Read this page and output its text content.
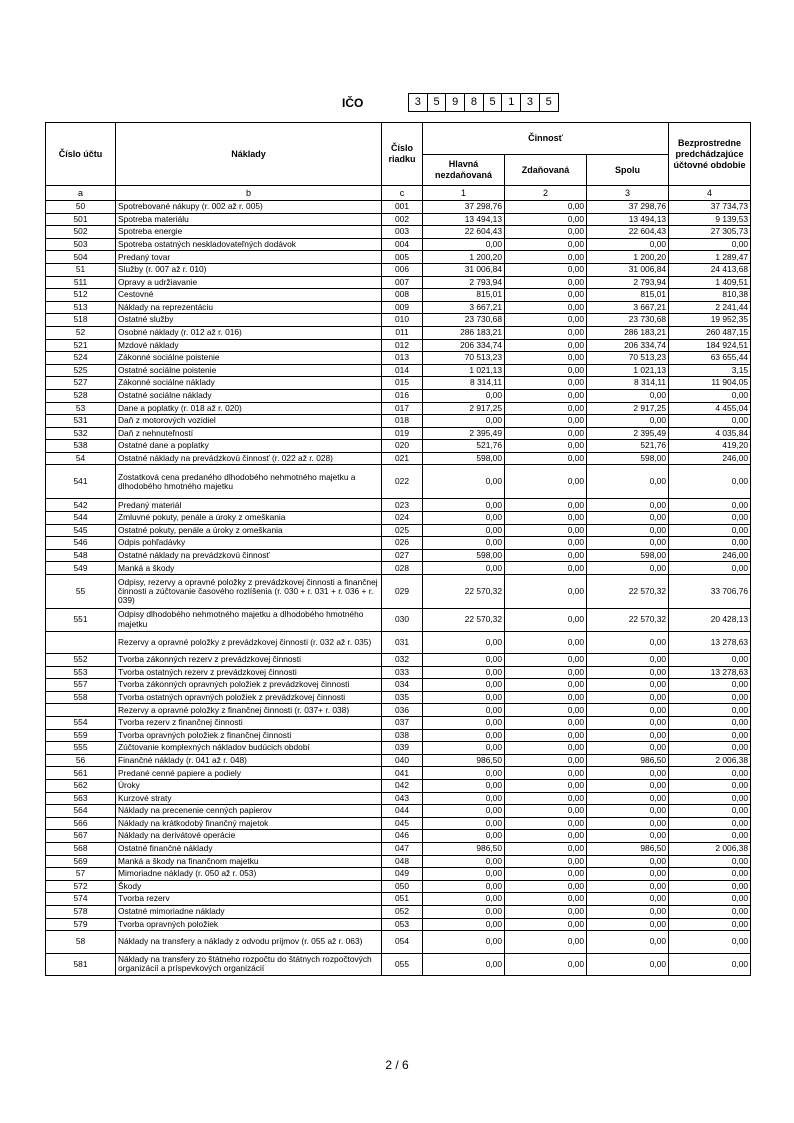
IČO	3	5	9	8	5	1	3	5
Číslo účtu	Náklady	Číslo riadku	Činnosť			Bezprostredne predchádzajúce účtovné obdobie
			Hlavná nezdaňovaná	Zdaňovaná	Spolu	
a	b	c	1	2	3	4
50	Spotrebované nákupy (r. 002 až r. 005)	001	37 298,76	0,00	37 298,76	37 734,73
501	Spotreba materiálu	002	13 494,13	0,00	13 494,13	9 139,53
502	Spotreba energie	003	22 604,43	0,00	22 604,43	27 305,73
503	Spotreba ostatných neskladovateľných dodávok	004	0,00	0,00	0,00	0,00
504	Predaný tovar	005	1 200,20	0,00	1 200,20	1 289,47
51	Služby (r. 007 až r. 010)	006	31 006,84	0,00	31 006,84	24 413,68
511	Opravy a udržiavanie	007	2 793,94	0,00	2 793,94	1 409,51
512	Cestovné	008	815,01	0,00	815,01	810,38
513	Náklady na reprezentáciu	009	3 667,21	0,00	3 667,21	2 241,44
518	Ostatné služby	010	23 730,68	0,00	23 730,68	19 952,35
52	Osobné náklady (r. 012 až r. 016)	011	286 183,21	0,00	286 183,21	260 487,15
521	Mzdové náklady	012	206 334,74	0,00	206 334,74	184 924,51
524	Zákonné sociálne poistenie	013	70 513,23	0,00	70 513,23	63 655,44
525	Ostatné sociálne poistenie	014	1 021,13	0,00	1 021,13	3,15
527	Zákonné sociálne náklady	015	8 314,11	0,00	8 314,11	11 904,05
528	Ostatné sociálne náklady	016	0,00	0,00	0,00	0,00
53	Dane a poplatky (r. 018 až r. 020)	017	2 917,25	0,00	2 917,25	4 455,04
531	Daň z motorových vozidiel	018	0,00	0,00	0,00	0,00
532	Daň z nehnuteľností	019	2 395,49	0,00	2 395,49	4 035,84
538	Ostatné dane a poplatky	020	521,76	0,00	521,76	419,20
54	Ostatné náklady na prevádzkovú činnosť (r. 022 až r. 028)	021	598,00	0,00	598,00	246,00
541	Zostatková cena predaného dlhodobého nehmotného majetku a dlhodobého hmotného majetku	022	0,00	0,00	0,00	0,00
542	Predaný materiál	023	0,00	0,00	0,00	0,00
544	Zmluvné pokuty, penále a úroky z omeškania	024	0,00	0,00	0,00	0,00
545	Ostatné pokuty, penále a úroky z omeškania	025	0,00	0,00	0,00	0,00
546	Odpis pohľadávky	026	0,00	0,00	0,00	0,00
548	Ostatné náklady na prevádzkovú činnosť	027	598,00	0,00	598,00	246,00
549	Manká a škody	028	0,00	0,00	0,00	0,00
55	Odpisy, rezervy a opravné položky z prevádzkovej činnosti a finančnej činnosti a zúčtovanie časového rozlíšenia (r. 030 + r. 031 + r. 036 + r. 039)	029	22 570,32	0,00	22 570,32	33 706,76
551	Odpisy dlhodobého nehmotného majetku a dlhodobého hmotného majetku	030	22 570,32	0,00	22 570,32	20 428,13
	Rezervy a opravné položky z prevádzkovej činnosti (r. 032 až r. 035)	031	0,00	0,00	0,00	13 278,63
552	Tvorba zákonných rezerv z prevádzkovej činnosti	032	0,00	0,00	0,00	0,00
553	Tvorba ostatných rezerv z prevádzkovej činnosti	033	0,00	0,00	0,00	13 278,63
557	Tvorba zákonných opravných položiek z prevádzkovej činnosti	034	0,00	0,00	0,00	0,00
558	Tvorba ostatných opravných položiek z prevádzkovej činnosti	035	0,00	0,00	0,00	0,00
	Rezervy a opravné položky z finančnej činnosti (r. 037+ r. 038)	036	0,00	0,00	0,00	0,00
554	Tvorba rezerv z finančnej činnosti	037	0,00	0,00	0,00	0,00
559	Tvorba opravných položiek z finančnej činnosti	038	0,00	0,00	0,00	0,00
555	Zúčtovanie komplexných nákladov budúcich období	039	0,00	0,00	0,00	0,00
56	Finančné náklady (r. 041 až r. 048)	040	986,50	0,00	986,50	2 006,38
561	Predané cenné papiere a podiely	041	0,00	0,00	0,00	0,00
562	Úroky	042	0,00	0,00	0,00	0,00
563	Kurzové straty	043	0,00	0,00	0,00	0,00
564	Náklady na precenenie cenných papierov	044	0,00	0,00	0,00	0,00
566	Náklady na krátkodobý finančný majetok	045	0,00	0,00	0,00	0,00
567	Náklady na derivátové operácie	046	0,00	0,00	0,00	0,00
568	Ostatné finančné náklady	047	986,50	0,00	986,50	2 006,38
569	Manká a škody na finančnom majetku	048	0,00	0,00	0,00	0,00
57	Mimoriadne náklady (r. 050 až r. 053)	049	0,00	0,00	0,00	0,00
572	Škody	050	0,00	0,00	0,00	0,00
574	Tvorba rezerv	051	0,00	0,00	0,00	0,00
578	Ostatné mimoriadne náklady	052	0,00	0,00	0,00	0,00
579	Tvorba opravných položiek	053	0,00	0,00	0,00	0,00
58	Náklady na transfery a náklady z odvodu príjmov (r. 055 až r. 063)	054	0,00	0,00	0,00	0,00
581	Náklady na transfery zo štátneho rozpočtu do štátnych rozpočtových organizácií a príspevkových organizácií	055	0,00	0,00	0,00	0,00
2 / 6
